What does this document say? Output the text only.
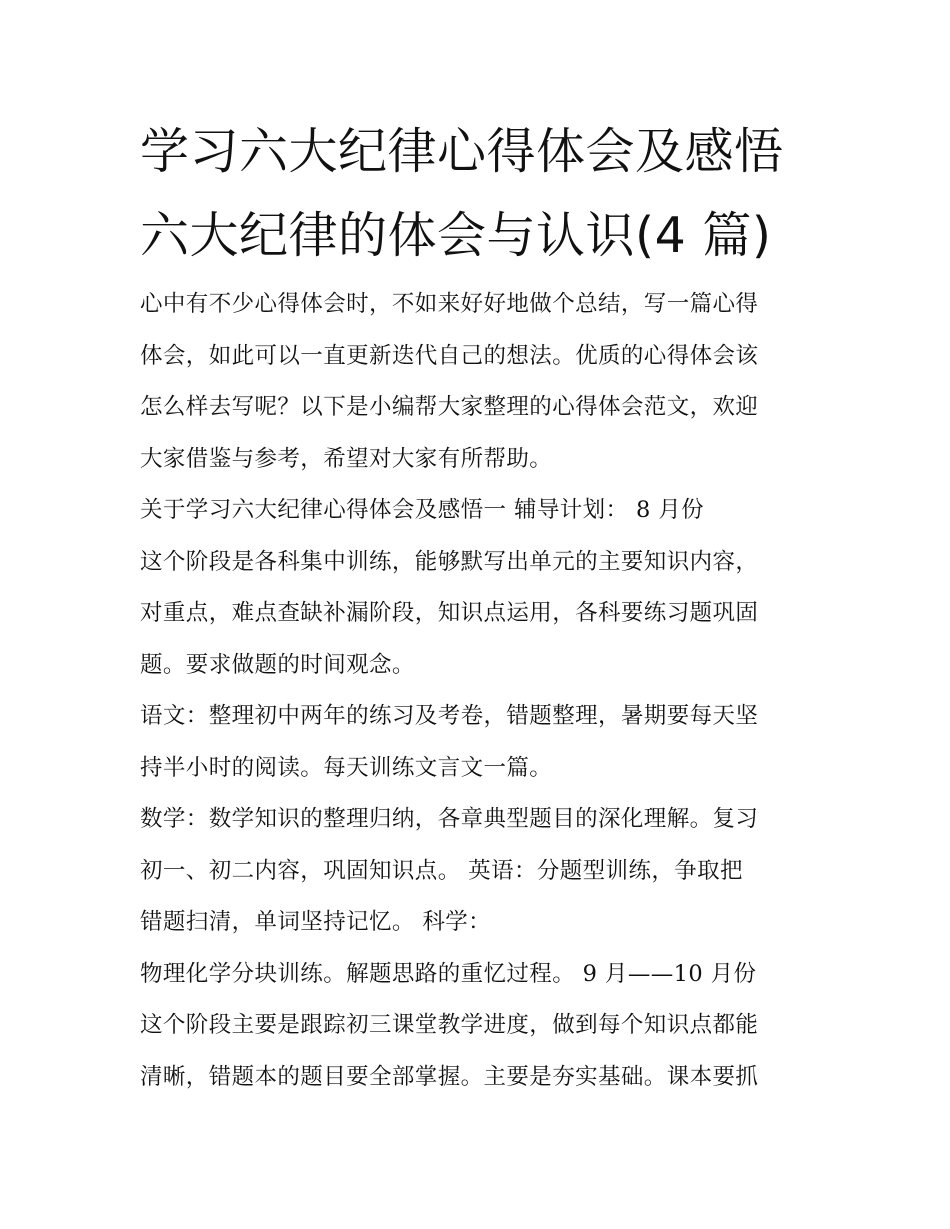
学习六大纪律心得体会及感悟
六大纪律的体会与认识(4 篇)
心中有不少心得体会时，不如来好好地做个总结，写一篇心得
体会，如此可以一直更新迭代自己的想法。优质的心得体会该
怎么样去写呢？以下是小编帮大家整理的心得体会范文，欢迎
大家借鉴与参考，希望对大家有所帮助。
关于学习六大纪律心得体会及感悟一 辅导计划： 8 月份
这个阶段是各科集中训练，能够默写出单元的主要知识内容，
对重点，难点查缺补漏阶段，知识点运用，各科要练习题巩固
题。要求做题的时间观念。
语文：整理初中两年的练习及考卷，错题整理，暑期要每天坚
持半小时的阅读。每天训练文言文一篇。
数学：数学知识的整理归纳，各章典型题目的深化理解。复习
初一、初二内容，巩固知识点。 英语：分题型训练，争取把
错题扫清，单词坚持记忆。 科学：
物理化学分块训练。解题思路的重忆过程。 9 月——10 月份
这个阶段主要是跟踪初三课堂教学进度，做到每个知识点都能
清晰，错题本的题目要全部掌握。主要是夯实基础。课本要抓
